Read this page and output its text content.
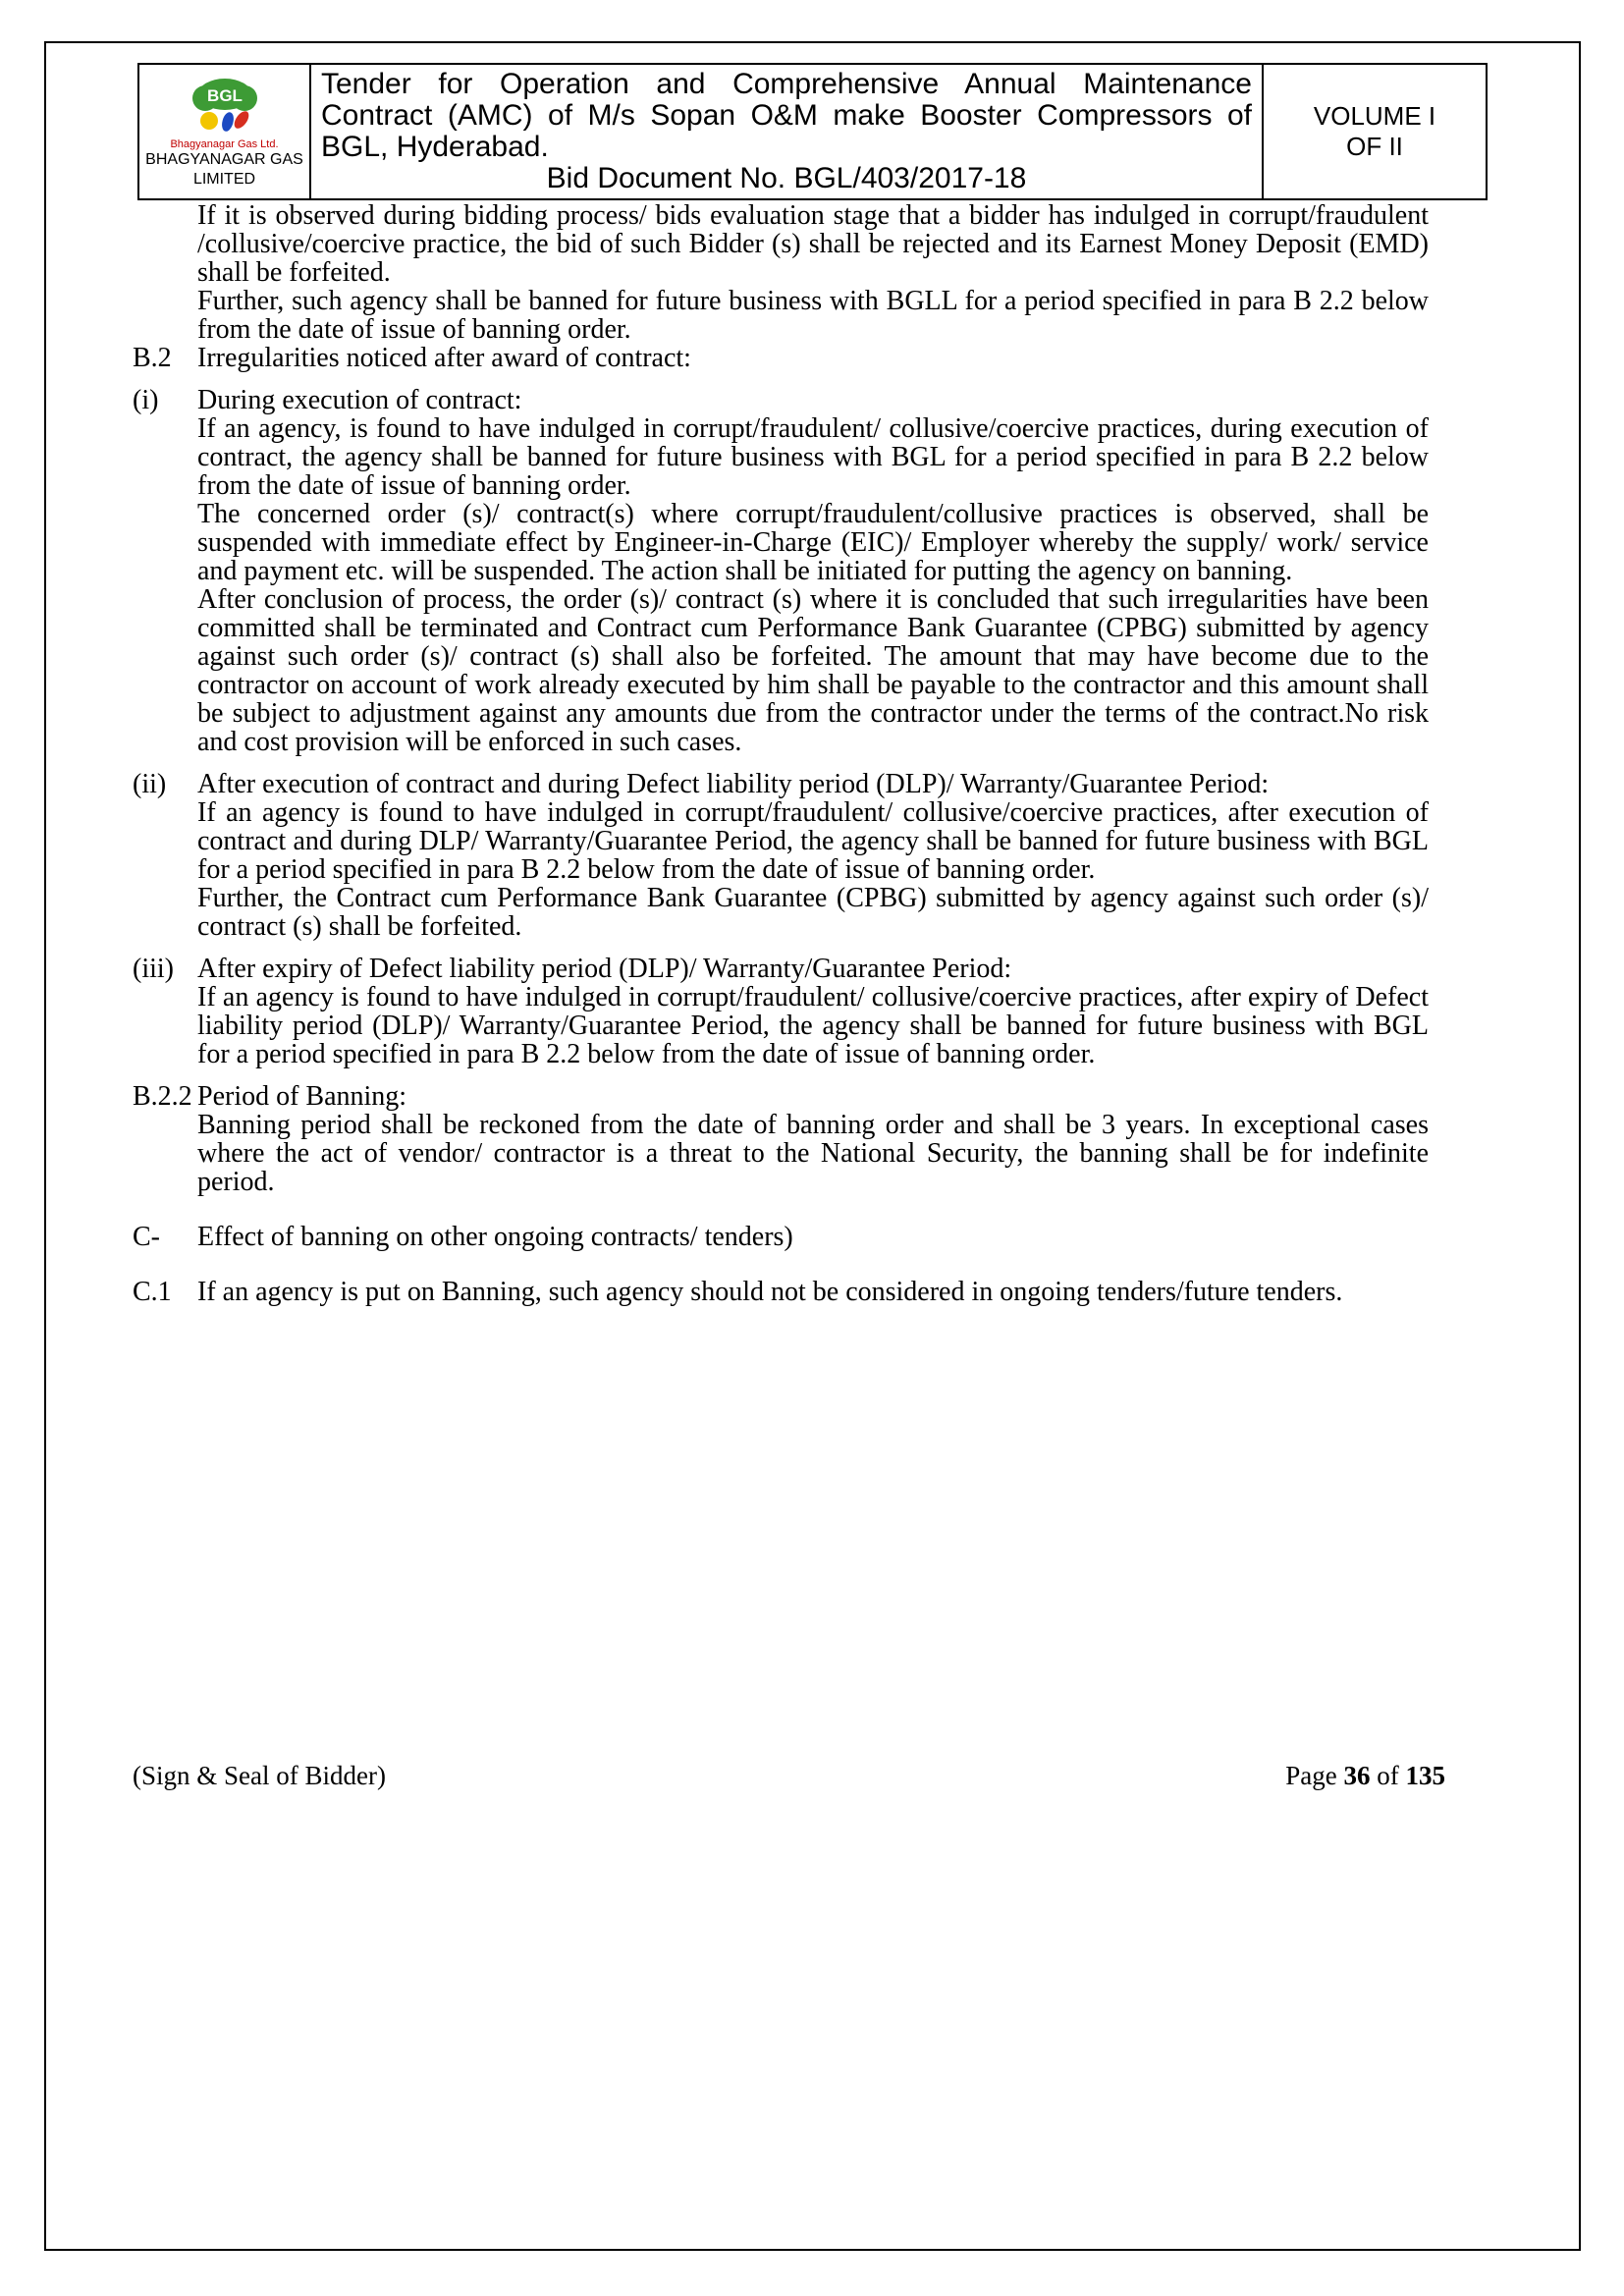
BGL
Bhagyanagar Gas Ltd.
BHAGYANAGAR GAS
LIMITED

Tender for Operation and Comprehensive Annual Maintenance Contract (AMC) of M/s Sopan O&M make Booster Compressors of BGL, Hyderabad.
Bid Document No. BGL/403/2017-18

VOLUME I
OF II

If it is observed during bidding process/ bids evaluation stage that a bidder has indulged in corrupt/fraudulent /collusive/coercive practice, the bid of such Bidder (s) shall be rejected and its Earnest Money Deposit (EMD) shall be forfeited.

Further, such agency shall be banned for future business with BGLL for a period specified in para B 2.2 below from the date of issue of banning order.

B.2 Irregularities noticed after award of contract:

(i)	During execution of contract:

If an agency, is found to have indulged in corrupt/fraudulent/ collusive/coercive practices, during execution of contract, the agency shall be banned for future business with BGL for a period specified in para B 2.2 below from the date of issue of banning order.

The concerned order (s)/ contract(s) where corrupt/fraudulent/collusive practices is observed, shall be suspended with immediate effect by Engineer-in-Charge (EIC)/ Employer whereby the supply/ work/ service and payment etc. will be suspended. The action shall be initiated for putting the agency on banning.

After conclusion of process, the order (s)/ contract (s) where it is concluded that such irregularities have been committed shall be terminated and Contract cum Performance Bank Guarantee (CPBG) submitted by agency against such order (s)/ contract (s) shall also be forfeited. The amount that may have become due to the contractor on account of work already executed by him shall be payable to the contractor and this amount shall be subject to adjustment against any amounts due from the contractor under the terms of the contract.No risk and cost provision will be enforced in such cases.

(ii)	After execution of contract and during Defect liability period (DLP)/ Warranty/Guarantee Period:

If an agency is found to have indulged in corrupt/fraudulent/ collusive/coercive practices, after execution of contract and during DLP/ Warranty/Guarantee Period, the agency shall be banned for future business with BGL for a period specified in para B 2.2 below from the date of issue of banning order.

Further, the Contract cum Performance Bank Guarantee (CPBG) submitted by agency against such order (s)/ contract (s) shall be forfeited.

(iii) After expiry of Defect liability period (DLP)/ Warranty/Guarantee Period:

If an agency is found to have indulged in corrupt/fraudulent/ collusive/coercive practices, after expiry of Defect liability period (DLP)/ Warranty/Guarantee Period, the agency shall be banned for future business with BGL for a period specified in para B 2.2 below from the date of issue of banning order.

B.2.2 Period of Banning:

Banning period shall be reckoned from the date of banning order and shall be 3 years. In exceptional cases where the act of vendor/ contractor is a threat to the National Security, the banning shall be for indefinite period.

C-	Effect of banning on other ongoing contracts/ tenders)

C.1 If an agency is put on Banning, such agency should not be considered in ongoing tenders/future tenders.

(Sign & Seal of Bidder)	Page 36 of 135
